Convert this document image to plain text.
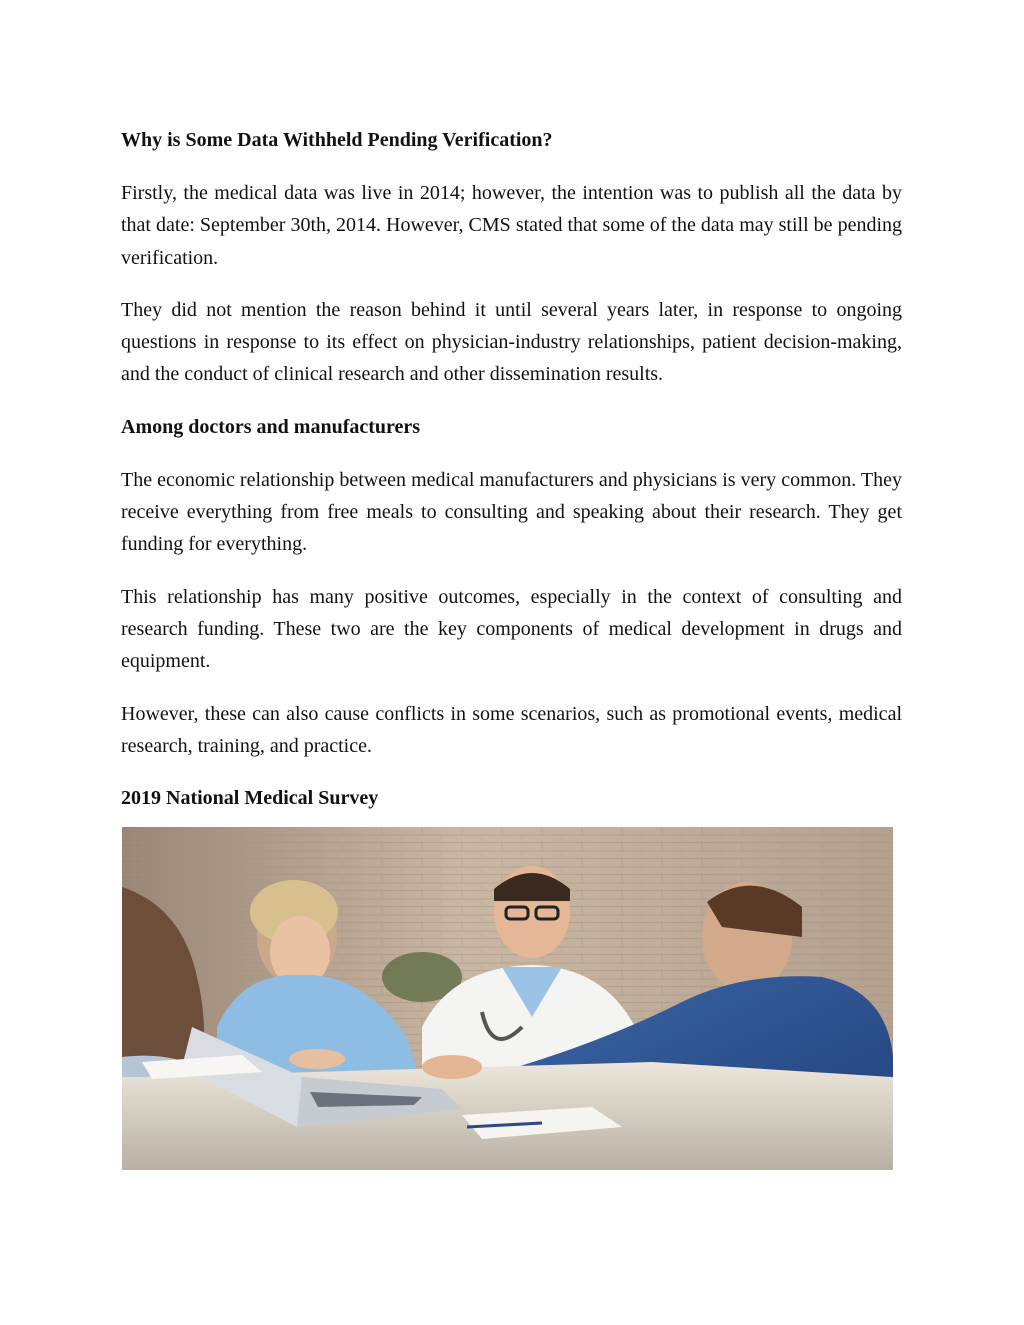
Why is Some Data Withheld Pending Verification?

Firstly, the medical data was live in 2014; however, the intention was to publish all the data by that date: September 30th, 2014. However, CMS stated that some of the data may still be pending verification.

They did not mention the reason behind it until several years later, in response to ongoing questions in response to its effect on physician-industry relationships, patient decision-making, and the conduct of clinical research and other dissemination results.

Among doctors and manufacturers

The economic relationship between medical manufacturers and physicians is very common. They receive everything from free meals to consulting and speaking about their research. They get funding for everything.

This relationship has many positive outcomes, especially in the context of consulting and research funding. These two are the key components of medical development in drugs and equipment.

However, these can also cause conflicts in some scenarios, such as promotional events, medical research, training, and practice.

2019 National Medical Survey
